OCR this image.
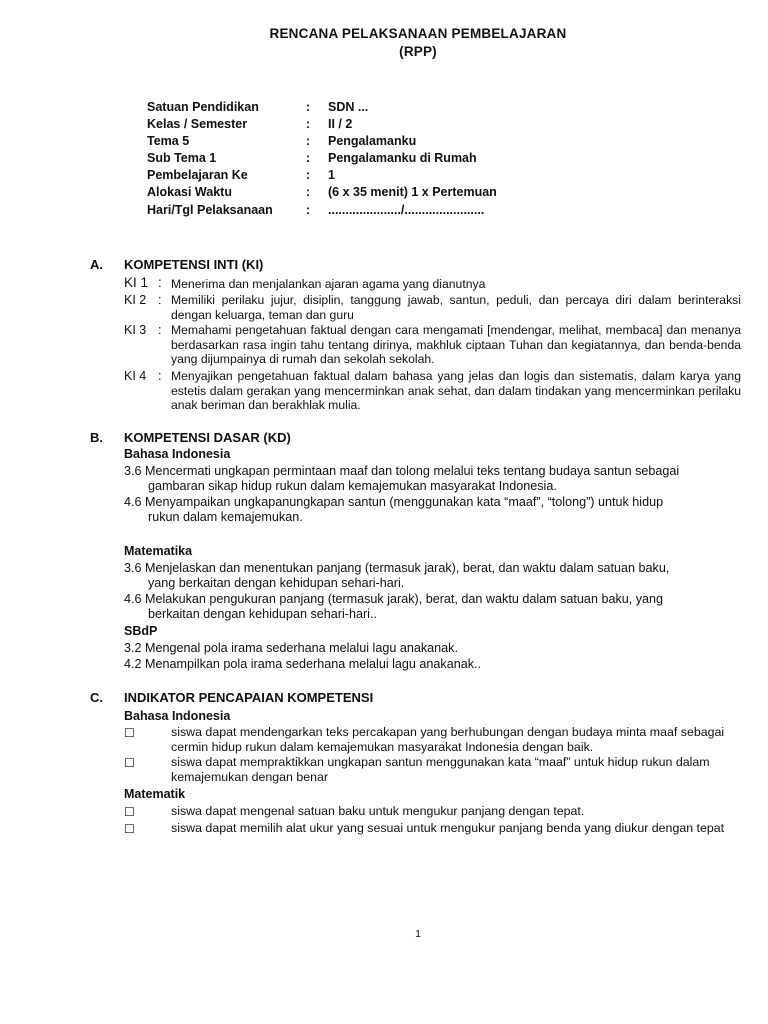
RENCANA PELAKSANAAN PEMBELAJARAN
(RPP)
Satuan Pendidikan	: SDN ...
Kelas / Semester	: II / 2
Tema 5	: Pengalamanku
Sub Tema 1	: Pengalamanku di Rumah
Pembelajaran Ke	: 1
Alokasi Waktu	: (6 x 35 menit) 1 x Pertemuan
Hari/Tgl Pelaksanaan	: ...................../.......................
A. KOMPETENSI INTI (KI)
KI 1 : Menerima dan menjalankan ajaran agama yang dianutnya
KI 2 : Memiliki perilaku jujur, disiplin, tanggung jawab, santun, peduli, dan percaya diri dalam berinteraksi dengan keluarga, teman dan guru
KI 3 : Memahami pengetahuan faktual dengan cara mengamati [mendengar, melihat, membaca] dan menanya berdasarkan rasa ingin tahu tentang dirinya, makhluk ciptaan Tuhan dan kegiatannya, dan benda-benda yang dijumpainya di rumah dan sekolah sekolah.
KI 4 : Menyajikan pengetahuan faktual dalam bahasa yang jelas dan logis dan sistematis, dalam karya yang estetis dalam gerakan yang mencerminkan anak sehat, dan dalam tindakan yang mencerminkan perilaku anak beriman dan berakhlak mulia.
B. KOMPETENSI DASAR (KD)
Bahasa Indonesia
3.6 Mencermati ungkapan permintaan maaf dan tolong melalui teks tentang budaya santun sebagai
gambaran sikap hidup rukun dalam kemajemukan masyarakat Indonesia.
4.6 Menyampaikan ungkapanungkapan santun (menggunakan kata “maaf”, “tolong”) untuk hidup
rukun dalam kemajemukan.
Matematika
3.6 Menjelaskan dan menentukan panjang (termasuk jarak), berat, dan waktu dalam satuan baku,
yang berkaitan dengan kehidupan sehari-hari.
4.6 Melakukan pengukuran panjang (termasuk jarak), berat, dan waktu dalam satuan baku, yang
berkaitan dengan kehidupan sehari-hari..
SBdP
3.2 Mengenal pola irama sederhana melalui lagu anakanak.
4.2 Menampilkan pola irama sederhana melalui lagu anakanak..
C. INDIKATOR PENCAPAIAN KOMPETENSI
Bahasa Indonesia
☐	siswa dapat mendengarkan teks percakapan yang berhubungan dengan budaya minta maaf sebagai cermin hidup rukun dalam kemajemukan masyarakat Indonesia dengan baik.
☐	siswa dapat mempraktikkan ungkapan santun menggunakan kata “maaf” untuk hidup rukun dalam kemajemukan dengan benar
Matematik
☐	siswa dapat mengenal satuan baku untuk mengukur panjang dengan tepat.
☐	siswa dapat memilih alat ukur yang sesuai untuk mengukur panjang benda yang diukur dengan tepat
1
